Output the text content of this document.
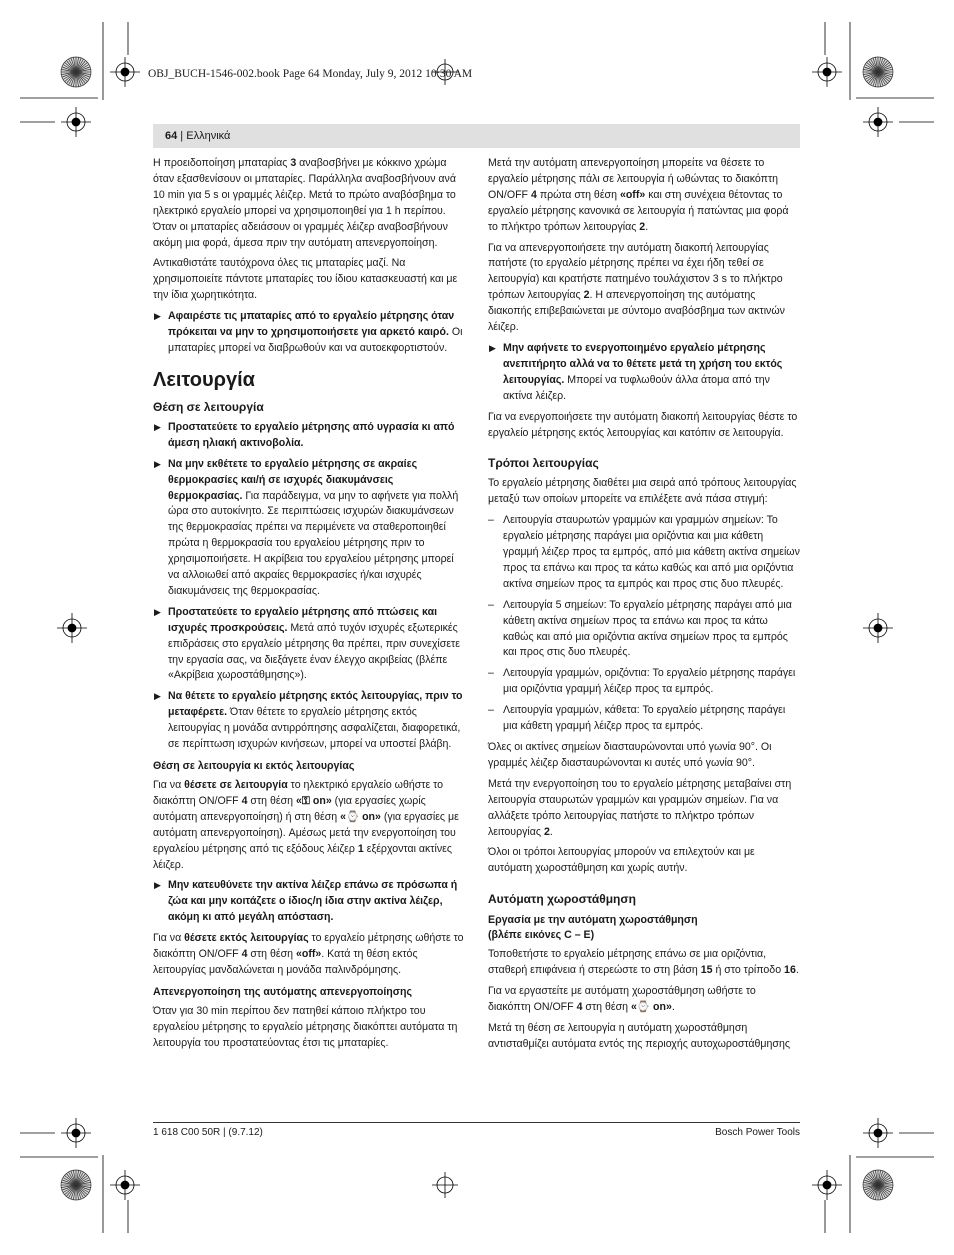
OBJ_BUCH-1546-002.book Page 64 Monday, July 9, 2012 10:30 AM
64 | Ελληνικά

Η προειδοποίηση μπαταρίας 3 αναβοσβήνει με κόκκινο χρώμα όταν εξασθενίσουν οι μπαταρίες. Παράλληλα αναβοσβήνουν ανά 10 min για 5 s οι γραμμές λέιζερ. Μετά το πρώτο αναβόσβημα το ηλεκτρικό εργαλείο μπορεί να χρησιμοποιηθεί για 1 h περίπου. Όταν οι μπαταρίες αδειάσουν οι γραμμές λέιζερ αναβοσβήνουν ακόμη μια φορά, άμεσα πριν την αυτόματη απενεργοποίηση.

Αντικαθιστάτε ταυτόχρονα όλες τις μπαταρίες μαζί. Να χρησιμοποιείτε πάντοτε μπαταρίες του ίδιου κατασκευαστή και με την ίδια χωρητικότητα.

▶ Αφαιρέστε τις μπαταρίες από το εργαλείο μέτρησης όταν πρόκειται να μην το χρησιμοποιήσετε για αρκετό καιρό. Οι μπαταρίες μπορεί να διαβρωθούν και να αυτοεκφορτιστούν.
Λειτουργία
Θέση σε λειτουργία
▶ Προστατεύετε το εργαλείο μέτρησης από υγρασία κι από άμεση ηλιακή ακτινοβολία.
▶ Να μην εκθέτετε το εργαλείο μέτρησης σε ακραίες θερμοκρασίες και/ή σε ισχυρές διακυμάνσεις θερμοκρασίας. Για παράδειγμα, να μην το αφήνετε για πολλή ώρα στο αυτοκίνητο. Σε περιπτώσεις ισχυρών διακυμάνσεων της θερμοκρασίας πρέπει να περιμένετε να σταθεροποιηθεί πρώτα η θερμοκρασία του εργαλείου μέτρησης πριν το χρησιμοποιήσετε. Η ακρίβεια του εργαλείου μέτρησης μπορεί να αλλοιωθεί από ακραίες θερμοκρασίες ή/και ισχυρές διακυμάνσεις της θερμοκρασίας.
▶ Προστατεύετε το εργαλείο μέτρησης από πτώσεις και ισχυρές προσκρούσεις. Μετά από τυχόν ισχυρές εξωτερικές επιδράσεις στο εργαλείο μέτρησης θα πρέπει, πριν συνεχίσετε την εργασία σας, να διεξάγετε έναν έλεγχο ακριβείας (βλέπε «Ακρίβεια χωροστάθμησης»).
▶ Να θέτετε το εργαλείο μέτρησης εκτός λειτουργίας, πριν το μεταφέρετε. Όταν θέτετε το εργαλείο μέτρησης εκτός λειτουργίας η μονάδα αντιρρόπησης ασφαλίζεται, διαφορετικά, σε περίπτωση ισχυρών κινήσεων, μπορεί να υποστεί βλάβη.
Θέση σε λειτουργία κι εκτός λειτουργίας

Για να θέσετε σε λειτουργία το ηλεκτρικό εργαλείο ωθήστε το διακόπτη ON/OFF 4 στη θέση «⚿ on» (για εργασίες χωρίς αυτόματη απενεργοποίηση) ή στη θέση «⌚ on» (για εργασίες με αυτόματη απενεργοποίηση). Αμέσως μετά την ενεργοποίηση του εργαλείου μέτρησης από τις εξόδους λέιζερ 1 εξέρχονται ακτίνες λέιζερ.

▶ Μην κατευθύνετε την ακτίνα λέιζερ επάνω σε πρόσωπα ή ζώα και μην κοιτάζετε ο ίδιος/η ίδια στην ακτίνα λέιζερ, ακόμη κι από μεγάλη απόσταση.

Για να θέσετε εκτός λειτουργίας το εργαλείο μέτρησης ωθήστε το διακόπτη ON/OFF 4 στη θέση «off». Κατά τη θέση εκτός λειτουργίας μανδαλώνεται η μονάδα παλινδρόμησης.

Απενεργοποίηση της αυτόματης απενεργοποίησης

Όταν για 30 min περίπου δεν πατηθεί κάποιο πλήκτρο του εργαλείου μέτρησης το εργαλείο μέτρησης διακόπτει αυτόματα τη λειτουργία του προστατεύοντας έτσι τις μπαταρίες.

Μετά την αυτόματη απενεργοποίηση μπορείτε να θέσετε το εργαλείο μέτρησης πάλι σε λειτουργία ή ωθώντας το διακόπτη ON/OFF 4 πρώτα στη θέση «off» και στη συνέχεια θέτοντας το εργαλείο μέτρησης κανονικά σε λειτουργία ή πατώντας μια φορά το πλήκτρο τρόπων λειτουργίας 2.

Για να απενεργοποιήσετε την αυτόματη διακοπή λειτουργίας πατήστε (το εργαλείο μέτρησης πρέπει να έχει ήδη τεθεί σε λειτουργία) και κρατήστε πατημένο τουλάχιστον 3 s το πλήκτρο τρόπων λειτουργίας 2. Η απενεργοποίηση της αυτόματης διακοπής επιβεβαιώνεται με σύντομο αναβόσβημα των ακτινών λέιζερ.

▶ Μην αφήνετε το ενεργοποιημένο εργαλείο μέτρησης ανεπιτήρητο αλλά να το θέτετε μετά τη χρήση του εκτός λειτουργίας. Μπορεί να τυφλωθούν άλλα άτομα από την ακτίνα λέιζερ.

Για να ενεργοποιήσετε την αυτόματη διακοπή λειτουργίας θέστε το εργαλείο μέτρησης εκτός λειτουργίας και κατόπιν σε λειτουργία.

Τρόποι λειτουργίας

Το εργαλείο μέτρησης διαθέτει μια σειρά από τρόπους λειτουργίας μεταξύ των οποίων μπορείτε να επιλέξετε ανά πάσα στιγμή:

– Λειτουργία σταυρωτών γραμμών και γραμμών σημείων: Το εργαλείο μέτρησης παράγει μια οριζόντια και μια κάθετη γραμμή λέιζερ προς τα εμπρός, από μια κάθετη ακτίνα σημείων προς τα επάνω και προς τα κάτω καθώς και από μια οριζόντια ακτίνα σημείων προς τα εμπρός και προς στις δυο πλευρές.
– Λειτουργία 5 σημείων: Το εργαλείο μέτρησης παράγει από μια κάθετη ακτίνα σημείων προς τα επάνω και προς τα κάτω καθώς και από μια οριζόντια ακτίνα σημείων προς τα εμπρός και προς στις δυο πλευρές.
– Λειτουργία γραμμών, οριζόντια: Το εργαλείο μέτρησης παράγει μια οριζόντια γραμμή λέιζερ προς τα εμπρός.
– Λειτουργία γραμμών, κάθετα: Το εργαλείο μέτρησης παράγει μια κάθετη γραμμή λέιζερ προς τα εμπρός.

Όλες οι ακτίνες σημείων διασταυρώνονται υπό γωνία 90°. Οι γραμμές λέιζερ διασταυρώνονται κι αυτές υπό γωνία 90°.

Μετά την ενεργοποίηση του το εργαλείο μέτρησης μεταβαίνει στη λειτουργία σταυρωτών γραμμών και γραμμών σημείων. Για να αλλάξετε τρόπο λειτουργίας πατήστε το πλήκτρο τρόπων λειτουργίας 2.

Όλοι οι τρόποι λειτουργίας μπορούν να επιλεχτούν και με αυτόματη χωροστάθμηση και χωρίς αυτήν.

Αυτόματη χωροστάθμηση
Εργασία με την αυτόματη χωροστάθμηση
(βλέπε εικόνες C – E)

Τοποθετήστε το εργαλείο μέτρησης επάνω σε μια οριζόντια, σταθερή επιφάνεια ή στερεώστε το στη βάση 15 ή στο τρίποδο 16.

Για να εργαστείτε με αυτόματη χωροστάθμηση ωθήστε το διακόπτη ON/OFF 4 στη θέση «⌚ on».

Μετά τη θέση σε λειτουργία η αυτόματη χωροστάθμηση αντισταθμίζει αυτόματα εντός της περιοχής αυτοχωροστάθμησης

1 618 C00 50R | (9.7.12)	Bosch Power Tools
